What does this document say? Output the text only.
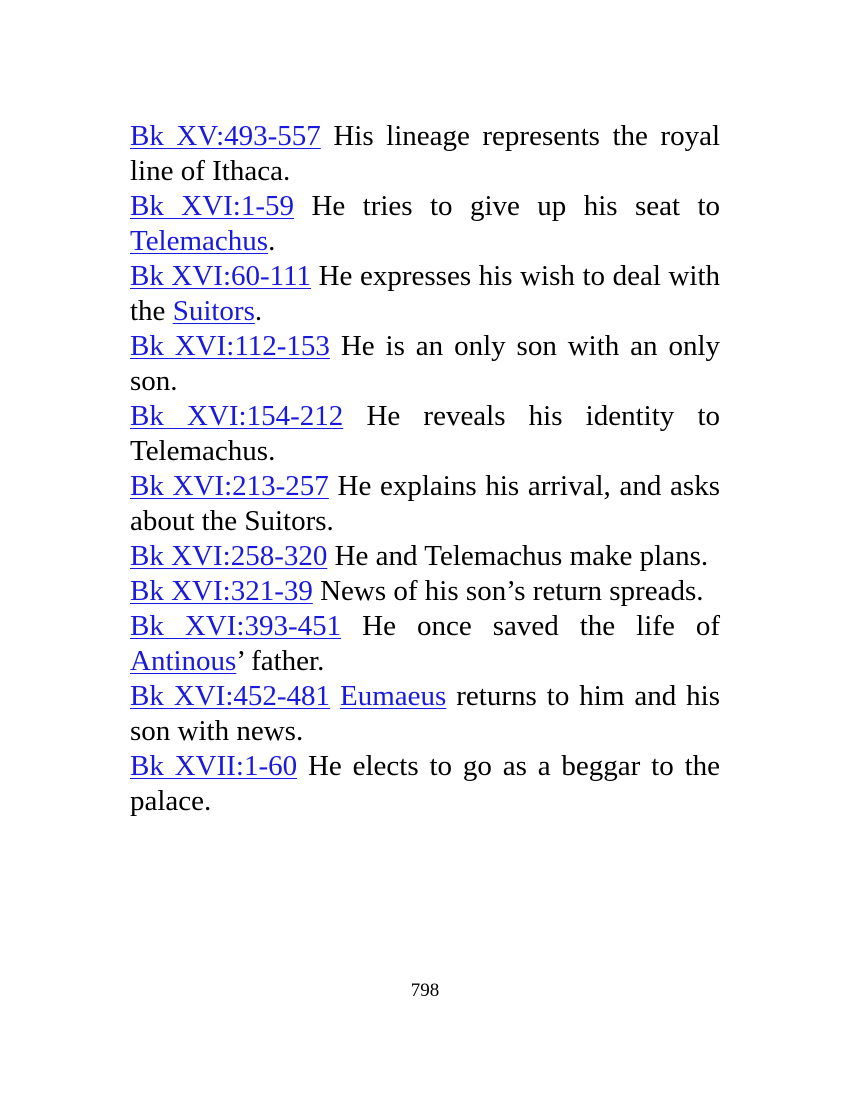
Bk XV:493-557 His lineage represents the royal line of Ithaca.

Bk XVI:1-59 He tries to give up his seat to Telemachus.

Bk XVI:60-111 He expresses his wish to deal with the Suitors.

Bk XVI:112-153 He is an only son with an only son.

Bk XVI:154-212 He reveals his identity to Telemachus.

Bk XVI:213-257 He explains his arrival, and asks about the Suitors.

Bk XVI:258-320 He and Telemachus make plans.

Bk XVI:321-39 News of his son’s return spreads.

Bk XVI:393-451 He once saved the life of Antinous’ father.

Bk XVI:452-481 Eumaeus returns to him and his son with news.

Bk XVII:1-60 He elects to go as a beggar to the palace.

798
